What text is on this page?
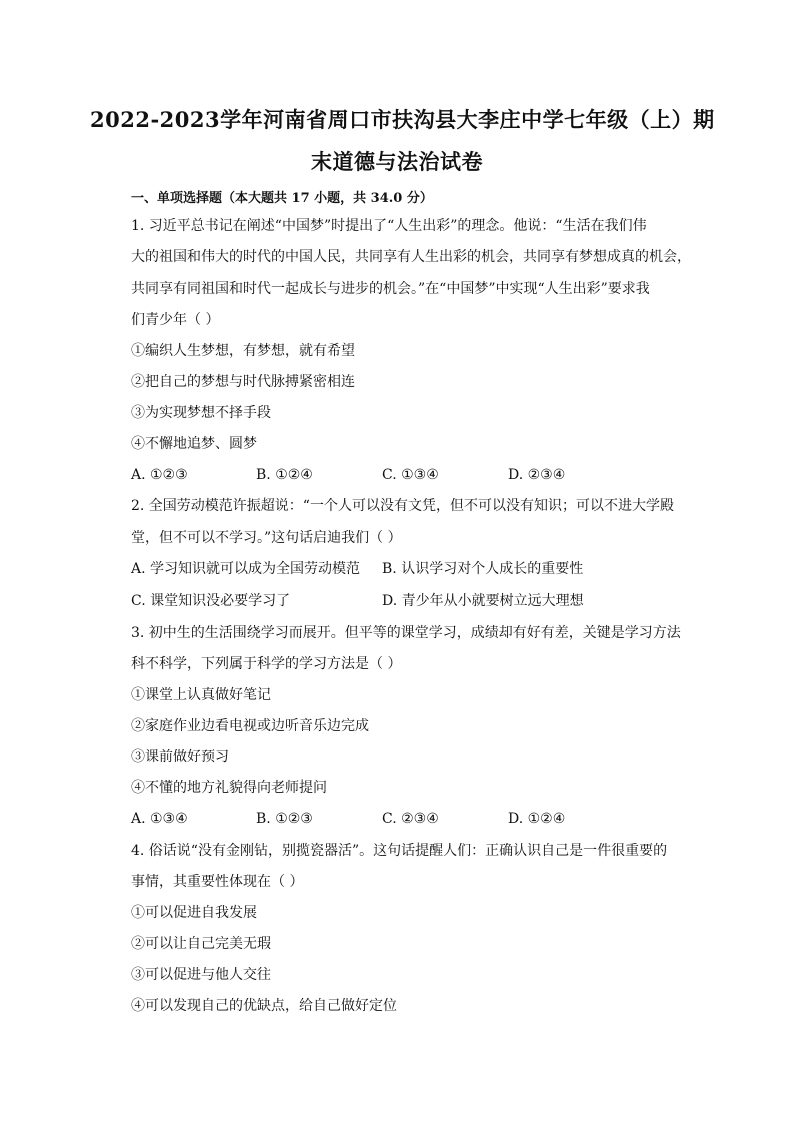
2022-2023学年河南省周口市扶沟县大李庄中学七年级（上）期
末道德与法治试卷
一、单项选择题（本大题共 17 小题，共 34.0 分）
1. 习近平总书记在阐述“中国梦”时提出了“人生出彩”的理念。他说：“生活在我们伟
大的祖国和伟大的时代的中国人民，共同享有人生出彩的机会，共同享有梦想成真的机会，
共同享有同祖国和时代一起成长与进步的机会。”在“中国梦”中实现“人生出彩”要求我
们青少年（ ）
①编织人生梦想，有梦想，就有希望
②把自己的梦想与时代脉搏紧密相连
③为实现梦想不择手段
④不懈地追梦、圆梦
A. ①②③	B. ①②④	C. ①③④	D. ②③④
2. 全国劳动模范许振超说：“一个人可以没有文凭，但不可以没有知识；可以不进大学殿
堂，但不可以不学习。”这句话启迪我们（ ）
A. 学习知识就可以成为全国劳动模范 B. 认识学习对个人成长的重要性
C. 课堂知识没必要学习了	D. 青少年从小就要树立远大理想
3. 初中生的生活围绕学习而展开。但平等的课堂学习，成绩却有好有差，关键是学习方法
科不科学，下列属于科学的学习方法是（ ）
①课堂上认真做好笔记
②家庭作业边看电视或边听音乐边完成
③课前做好预习
④不懂的地方礼貌得向老师提问
A. ①③④	B. ①②③	C. ②③④	D. ①②④
4. 俗话说“没有金刚钻，别揽瓷器活”。这句话提醒人们：正确认识自己是一件很重要的
事情，其重要性体现在（ ）
①可以促进自我发展
②可以让自己完美无瑕
③可以促进与他人交往
④可以发现自己的优缺点，给自己做好定位
